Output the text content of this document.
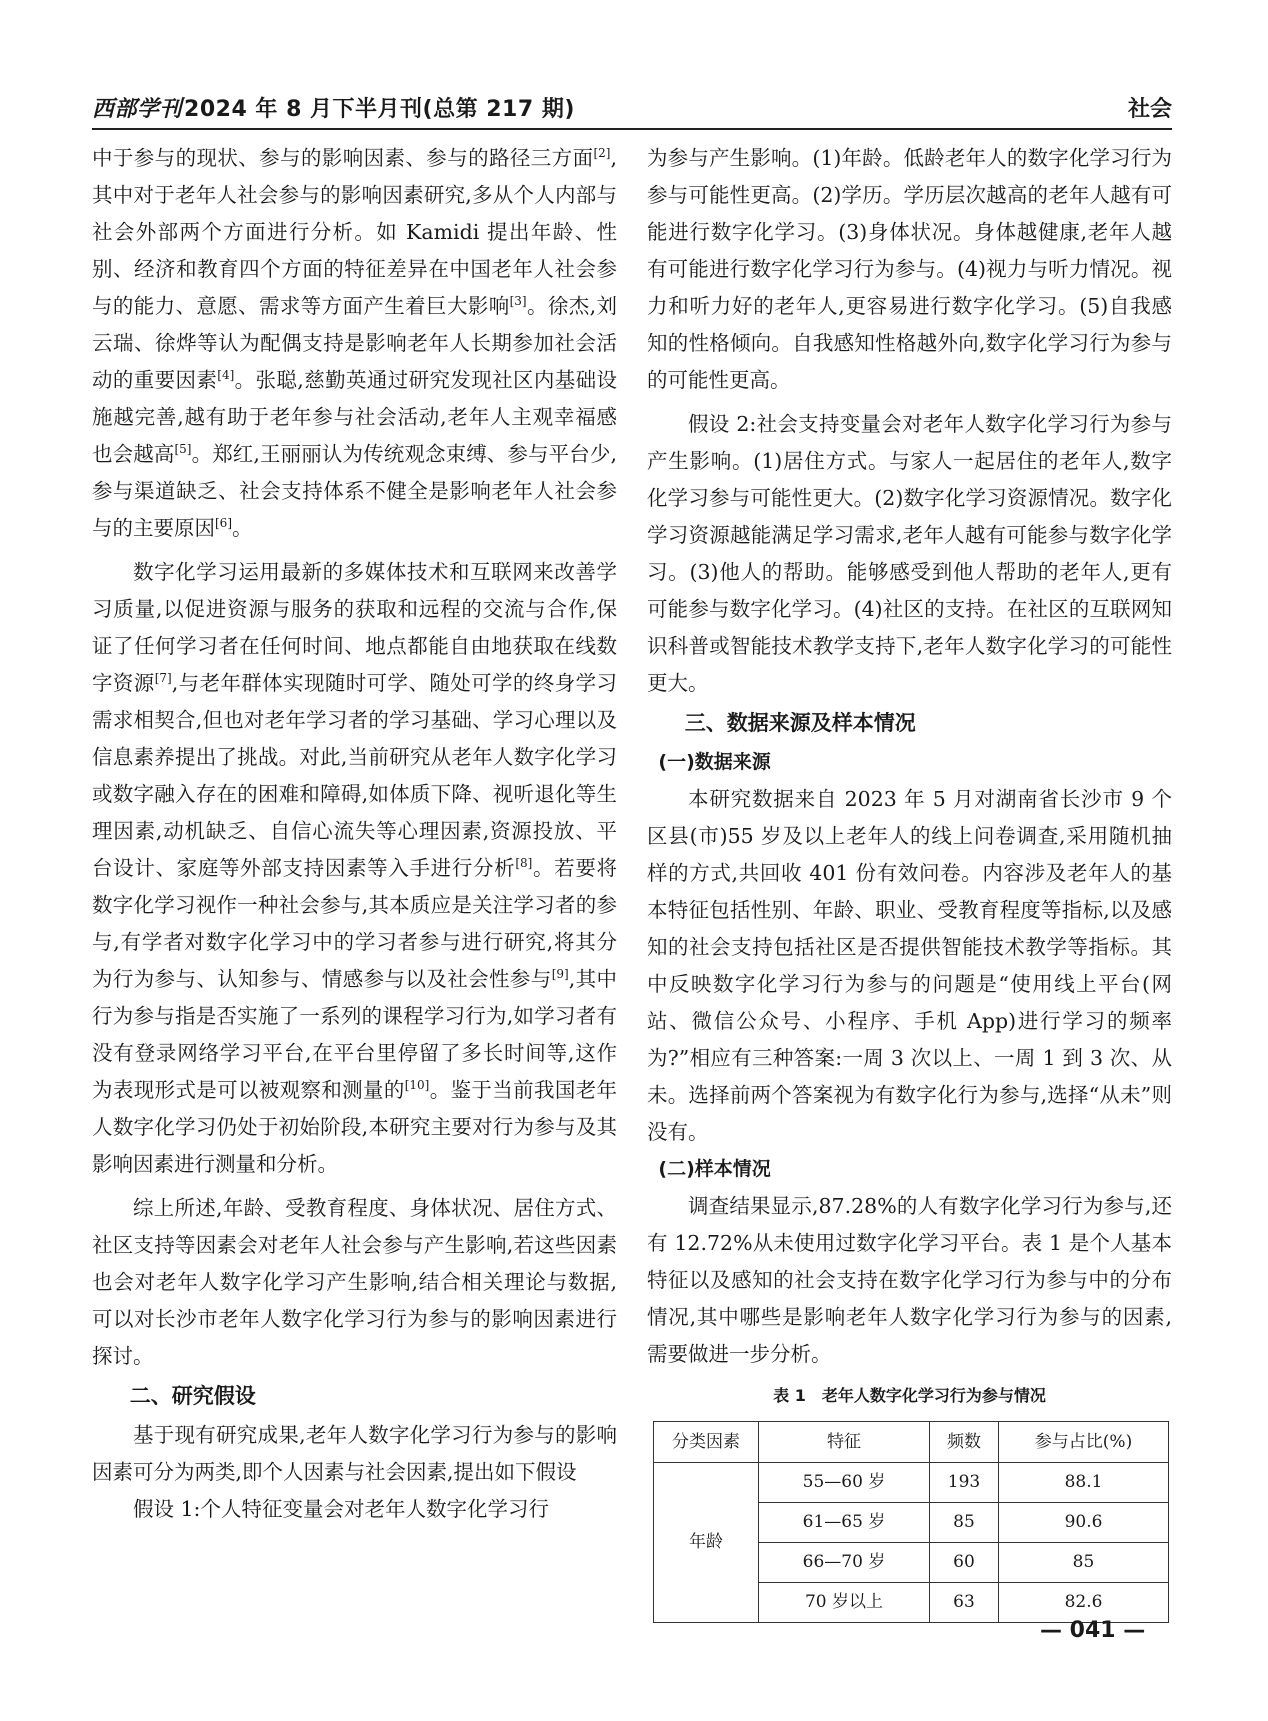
西部学刊2024 年 8 月下半月刊(总第 217 期)	社会

中于参与的现状、参与的影响因素、参与的路径三方面[2],其中对于老年人社会参与的影响因素研究,多从个人内部与社会外部两个方面进行分析。如 Kamidi 提出年龄、性别、经济和教育四个方面的特征差异在中国老年人社会参与的能力、意愿、需求等方面产生着巨大影响[3]。徐杰,刘云瑞、徐烨等认为配偶支持是影响老年人长期参加社会活动的重要因素[4]。张聪,慈勤英通过研究发现社区内基础设施越完善,越有助于老年参与社会活动,老年人主观幸福感也会越高[5]。郑红,王丽丽认为传统观念束缚、参与平台少,参与渠道缺乏、社会支持体系不健全是影响老年人社会参与的主要原因[6]。

数字化学习运用最新的多媒体技术和互联网来改善学习质量,以促进资源与服务的获取和远程的交流与合作,保证了任何学习者在任何时间、地点都能自由地获取在线数字资源[7],与老年群体实现随时可学、随处可学的终身学习需求相契合,但也对老年学习者的学习基础、学习心理以及信息素养提出了挑战。对此,当前研究从老年人数字化学习或数字融入存在的困难和障碍,如体质下降、视听退化等生理因素,动机缺乏、自信心流失等心理因素,资源投放、平台设计、家庭等外部支持因素等入手进行分析[8]。若要将数字化学习视作一种社会参与,其本质应是关注学习者的参与,有学者对数字化学习中的学习者参与进行研究,将其分为行为参与、认知参与、情感参与以及社会性参与[9],其中行为参与指是否实施了一系列的课程学习行为,如学习者有没有登录网络学习平台,在平台里停留了多长时间等,这作为表现形式是可以被观察和测量的[10]。鉴于当前我国老年人数字化学习仍处于初始阶段,本研究主要对行为参与及其影响因素进行测量和分析。

综上所述,年龄、受教育程度、身体状况、居住方式、社区支持等因素会对老年人社会参与产生影响,若这些因素也会对老年人数字化学习产生影响,结合相关理论与数据,可以对长沙市老年人数字化学习行为参与的影响因素进行探讨。

二、研究假设

基于现有研究成果,老年人数字化学习行为参与的影响因素可分为两类,即个人因素与社会因素,提出如下假设

假设 1:个人特征变量会对老年人数字化学习行

为参与产生影响。(1)年龄。低龄老年人的数字化学习行为参与可能性更高。(2)学历。学历层次越高的老年人越有可能进行数字化学习。(3)身体状况。身体越健康,老年人越有可能进行数字化学习行为参与。(4)视力与听力情况。视力和听力好的老年人,更容易进行数字化学习。(5)自我感知的性格倾向。自我感知性格越外向,数字化学习行为参与的可能性更高。

假设 2:社会支持变量会对老年人数字化学习行为参与产生影响。(1)居住方式。与家人一起居住的老年人,数字化学习参与可能性更大。(2)数字化学习资源情况。数字化学习资源越能满足学习需求,老年人越有可能参与数字化学习。(3)他人的帮助。能够感受到他人帮助的老年人,更有可能参与数字化学习。(4)社区的支持。在社区的互联网知识科普或智能技术教学支持下,老年人数字化学习的可能性更大。

三、数据来源及样本情况
(一)数据来源

本研究数据来自 2023 年 5 月对湖南省长沙市 9 个区县(市)55 岁及以上老年人的线上问卷调查,采用随机抽样的方式,共回收 401 份有效问卷。内容涉及老年人的基本特征包括性别、年龄、职业、受教育程度等指标,以及感知的社会支持包括社区是否提供智能技术教学等指标。其中反映数字化学习行为参与的问题是“使用线上平台(网站、微信公众号、小程序、手机 App)进行学习的频率为?”相应有三种答案:一周 3 次以上、一周 1 到 3 次、从未。选择前两个答案视为有数字化行为参与,选择“从未”则没有。

(二)样本情况

调查结果显示,87.28%的人有数字化学习行为参与,还有 12.72%从未使用过数字化学习平台。表 1 是个人基本特征以及感知的社会支持在数字化学习行为参与中的分布情况,其中哪些是影响老年人数字化学习行为参与的因素,需要做进一步分析。

表 1　老年人数字化学习行为参与情况
分类因素	特征	频数	参与占比(%)
年龄	55—60 岁	193	88.1
	61—65 岁	85	90.6
	66—70 岁	60	85
	70 岁以上	63	82.6
— 041 —
